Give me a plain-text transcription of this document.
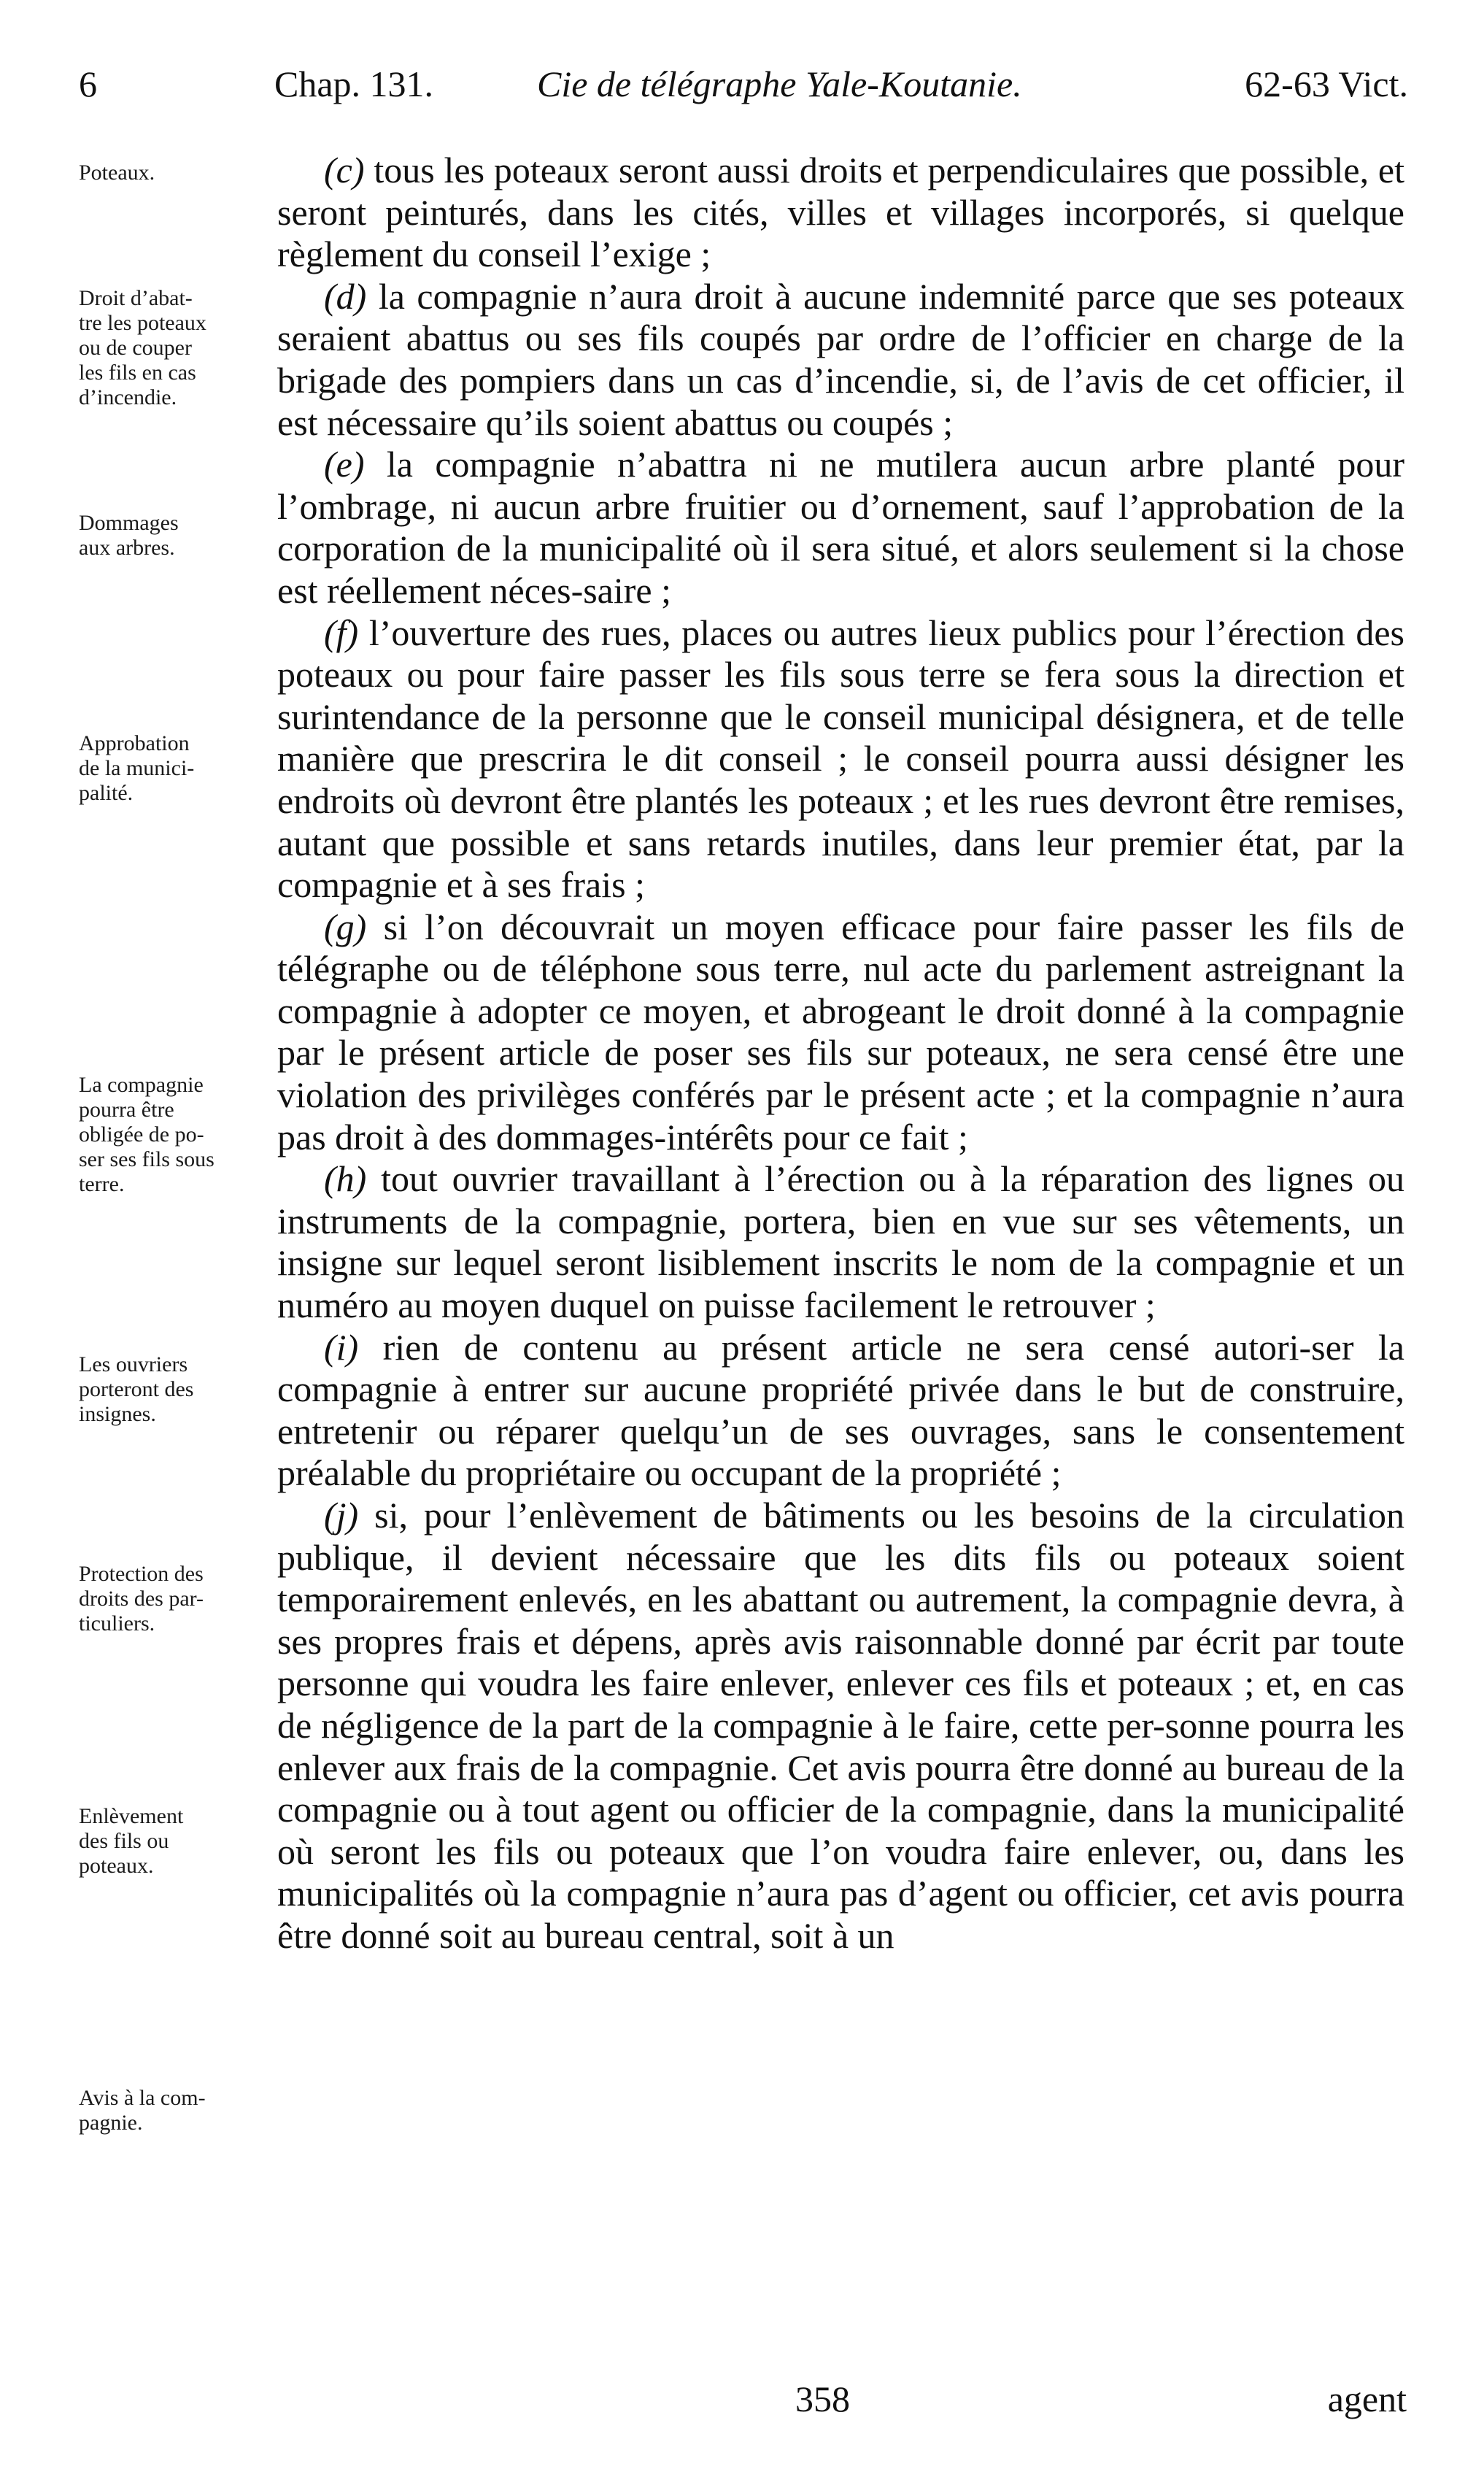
6	Chap. 131.	Cie de télégraphe Yale-Koutanie.	62-63 Vict.
Poteaux.
Droit d’abat-
tre les poteaux
ou de couper
les fils en cas
d’incendie.
Dommages
aux arbres.
Approbation
de la munici-
palité.
La compagnie
pourra être
obligée de po-
ser ses fils sous
terre.
Les ouvriers
porteront des
insignes.
Protection des
droits des par-
ticuliers.
Enlèvement
des fils ou
poteaux.
Avis à la com-
pagnie.

(c) tous les poteaux seront aussi droits et perpendiculaires que possible, et seront peinturés, dans les cités, villes et villages incorporés, si quelque règlement du conseil l’exige ;

(d) la compagnie n’aura droit à aucune indemnité parce que ses poteaux seraient abattus ou ses fils coupés par ordre de l’officier en charge de la brigade des pompiers dans un cas d’incendie, si, de l’avis de cet officier, il est nécessaire qu’ils soient abattus ou coupés ;

(e) la compagnie n’abattra ni ne mutilera aucun arbre planté pour l’ombrage, ni aucun arbre fruitier ou d’ornement, sauf l’approbation de la corporation de la municipalité où il sera situé, et alors seulement si la chose est réellement néces-saire ;

(f) l’ouverture des rues, places ou autres lieux publics pour l’érection des poteaux ou pour faire passer les fils sous terre se fera sous la direction et surintendance de la personne que le conseil municipal désignera, et de telle manière que prescrira le dit conseil ; le conseil pourra aussi désigner les endroits où devront être plantés les poteaux ; et les rues devront être remises, autant que possible et sans retards inutiles, dans leur premier état, par la compagnie et à ses frais ;

(g) si l’on découvrait un moyen efficace pour faire passer les fils de télégraphe ou de téléphone sous terre, nul acte du parlement astreignant la compagnie à adopter ce moyen, et abrogeant le droit donné à la compagnie par le présent article de poser ses fils sur poteaux, ne sera censé être une violation des privilèges conférés par le présent acte ; et la compagnie n’aura pas droit à des dommages-intérêts pour ce fait ;

(h) tout ouvrier travaillant à l’érection ou à la réparation des lignes ou instruments de la compagnie, portera, bien en vue sur ses vêtements, un insigne sur lequel seront lisiblement inscrits le nom de la compagnie et un numéro au moyen duquel on puisse facilement le retrouver ;

(i) rien de contenu au présent article ne sera censé autori-ser la compagnie à entrer sur aucune propriété privée dans le but de construire, entretenir ou réparer quelqu’un de ses ouvrages, sans le consentement préalable du propriétaire ou occupant de la propriété ;

(j) si, pour l’enlèvement de bâtiments ou les besoins de la circulation publique, il devient nécessaire que les dits fils ou poteaux soient temporairement enlevés, en les abattant ou autrement, la compagnie devra, à ses propres frais et dépens, après avis raisonnable donné par écrit par toute personne qui voudra les faire enlever, enlever ces fils et poteaux ; et, en cas de négligence de la part de la compagnie à le faire, cette per-sonne pourra les enlever aux frais de la compagnie. Cet avis pourra être donné au bureau de la compagnie ou à tout agent ou officier de la compagnie, dans la municipalité où seront les fils ou poteaux que l’on voudra faire enlever, ou, dans les municipalités où la compagnie n’aura pas d’agent ou officier, cet avis pourra être donné soit au bureau central, soit à un

358	agent
